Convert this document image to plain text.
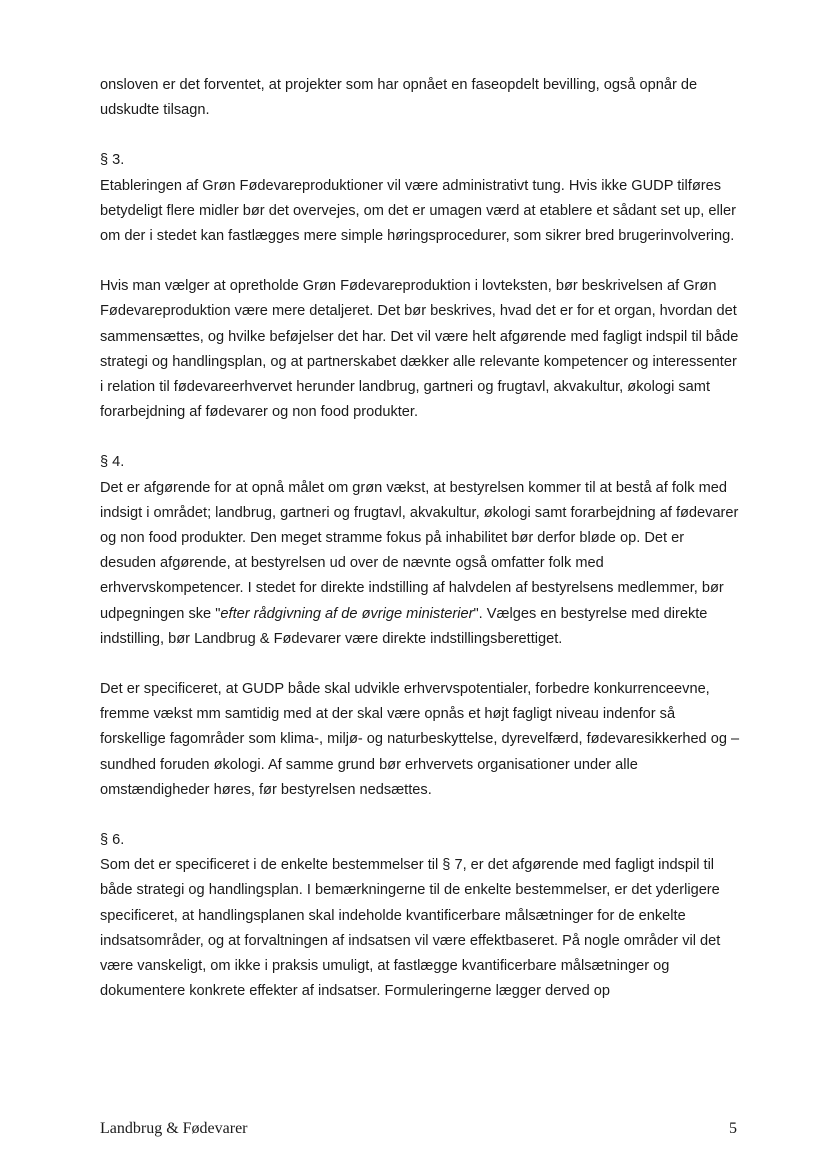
onsloven er det forventet, at projekter som har opnået en faseopdelt bevilling, også opnår de udskudte tilsagn.

§ 3.

Etableringen af Grøn Fødevareproduktioner vil være administrativt tung. Hvis ikke GUDP tilføres betydeligt flere midler bør det overvejes, om det er umagen værd at etablere et sådant set up, eller om der i stedet kan fastlægges mere simple høringsprocedurer, som sikrer bred brugerinvolvering.

Hvis man vælger at opretholde Grøn Fødevareproduktion i lovteksten, bør beskrivelsen af Grøn Fødevareproduktion være mere detaljeret. Det bør beskrives, hvad det er for et organ, hvordan det sammensættes, og hvilke beføjelser det har. Det vil være helt afgørende med fagligt indspil til både strategi og handlingsplan, og at partnerskabet dækker alle relevante kompetencer og interessenter i relation til fødevareerhvervet herunder landbrug, gartneri og frugtavl, akvakultur, økologi samt forarbejdning af fødevarer og non food produkter.

§ 4.

Det er afgørende for at opnå målet om grøn vækst, at bestyrelsen kommer til at bestå af folk med indsigt i området; landbrug, gartneri og frugtavl, akvakultur, økologi samt forarbejdning af fødevarer og non food produkter. Den meget stramme fokus på inhabilitet bør derfor bløde op. Det er desuden afgørende, at bestyrelsen ud over de nævnte også omfatter folk med erhvervskompetencer. I stedet for direkte indstilling af halvdelen af bestyrelsens medlemmer, bør udpegningen ske "efter rådgivning af de øvrige ministerier". Vælges en bestyrelse med direkte indstilling, bør Landbrug & Fødevarer være direkte indstillingsberettiget.

Det er specificeret, at GUDP både skal udvikle erhvervspotentialer, forbedre konkurrenceevne, fremme vækst mm samtidig med at der skal være opnås et højt fagligt niveau indenfor så forskellige fagområder som klima-, miljø- og naturbeskyttelse, dyrevelfærd, fødevaresikkerhed og – sundhed foruden økologi. Af samme grund bør erhvervets organisationer under alle omstændigheder høres, før bestyrelsen nedsættes.

§ 6.

Som det er specificeret i de enkelte bestemmelser til § 7, er det afgørende med fagligt indspil til både strategi og handlingsplan. I bemærkningerne til de enkelte bestemmelser, er det yderligere specificeret, at handlingsplanen skal indeholde kvantificerbare målsætninger for de enkelte indsatsområder, og at forvaltningen af indsatsen vil være effektbaseret. På nogle områder vil det være vanskeligt, om ikke i praksis umuligt, at fastlægge kvantificerbare målsætninger og dokumentere konkrete effekter af indsatser. Formuleringerne lægger derved op

Landbrug & Fødevarer	5
